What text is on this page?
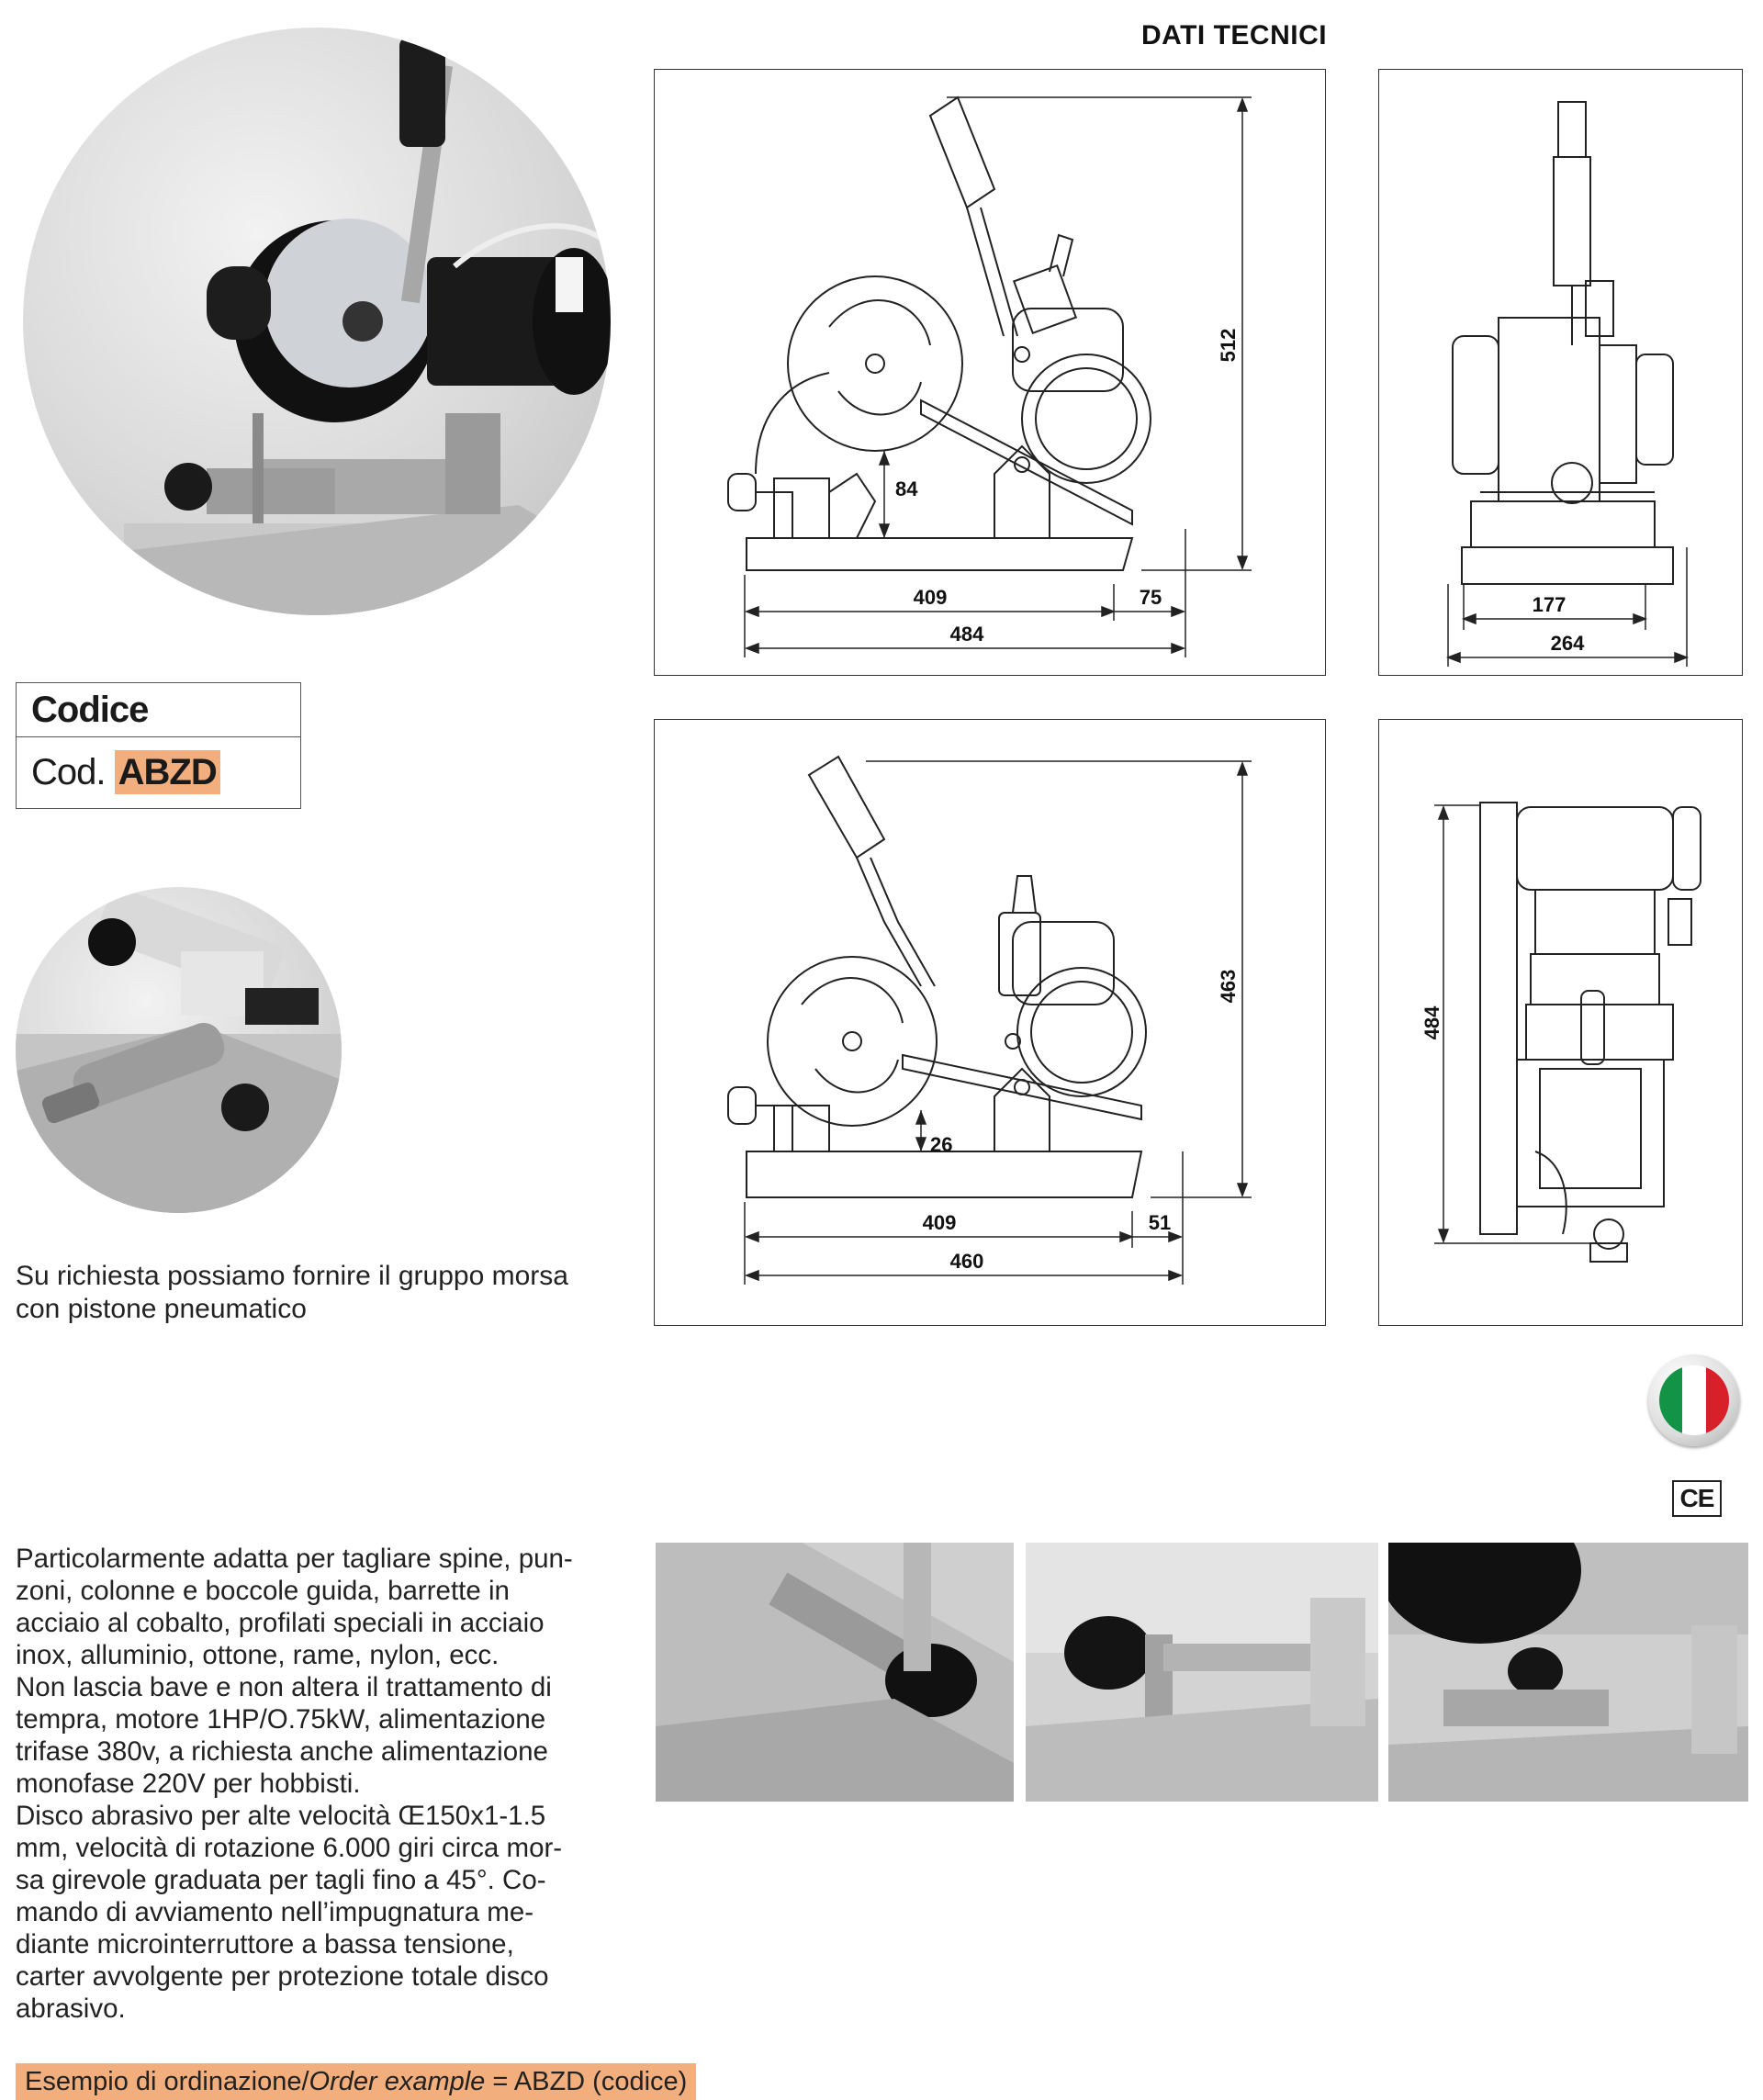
Codice
Cod. ABZD
Su richiesta possiamo fornire il gruppo morsa con pistone pneumatico
DATI TECNICI
512
84
409	75
484
177
264
463
26
409	51
460
484
CE

Particolarmente adatta per tagliare spine, pun-

zoni, colonne e boccole guida, barrette in

acciaio al cobalto, profilati speciali in acciaio

inox, alluminio, ottone, rame, nylon, ecc.

Non lascia bave e non altera il trattamento di

tempra, motore 1HP/O.75kW, alimentazione

trifase 380v, a richiesta anche alimentazione

monofase 220V per hobbisti.

Disco abrasivo per alte velocità Œ150x1-1.5

mm, velocità di rotazione 6.000 giri circa mor-

sa girevole graduata per tagli fino a 45°. Co-

mando di avviamento nell’impugnatura me-

diante microinterruttore a bassa tensione,

carter avvolgente per protezione totale disco

abrasivo.

Esempio di ordinazione/Order example = ABZD (codice)
